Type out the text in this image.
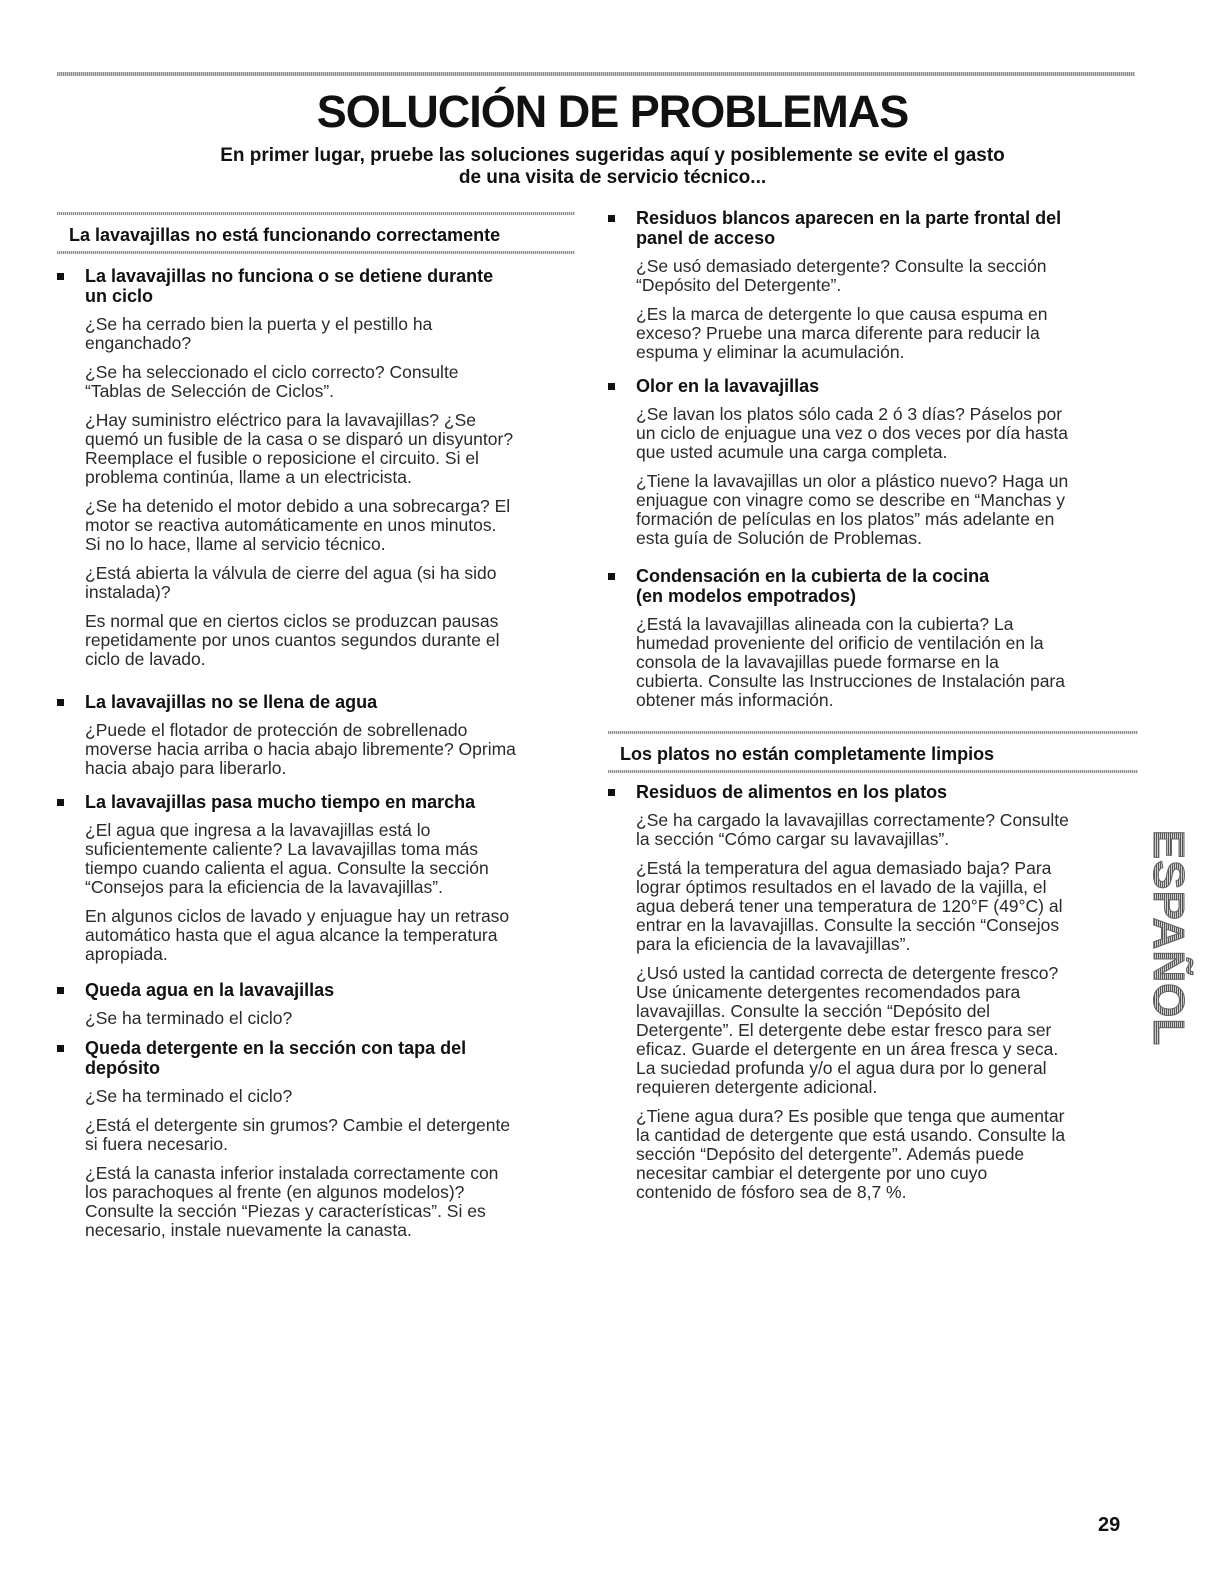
SOLUCIÓN DE PROBLEMAS
En primer lugar, pruebe las soluciones sugeridas aquí y posiblemente se evite el gasto
de una visita de servicio técnico...
La lavavajillas no está funcionando correctamente
La lavavajillas no funciona o se detiene durante
un ciclo
¿Se ha cerrado bien la puerta y el pestillo ha
enganchado?
¿Se ha seleccionado el ciclo correcto? Consulte
“Tablas de Selección de Ciclos”.
¿Hay suministro eléctrico para la lavavajillas? ¿Se
quemó un fusible de la casa o se disparó un disyuntor?
Reemplace el fusible o reposicione el circuito. Si el
problema continúa, llame a un electricista.
¿Se ha detenido el motor debido a una sobrecarga? El
motor se reactiva automáticamente en unos minutos.
Si no lo hace, llame al servicio técnico.
¿Está abierta la válvula de cierre del agua (si ha sido
instalada)?
Es normal que en ciertos ciclos se produzcan pausas
repetidamente por unos cuantos segundos durante el
ciclo de lavado.
La lavavajillas no se llena de agua
¿Puede el flotador de protección de sobrellenado
moverse hacia arriba o hacia abajo libremente? Oprima
hacia abajo para liberarlo.
La lavavajillas pasa mucho tiempo en marcha
¿El agua que ingresa a la lavavajillas está lo
suficientemente caliente? La lavavajillas toma más
tiempo cuando calienta el agua. Consulte la sección
“Consejos para la eficiencia de la lavavajillas”.
En algunos ciclos de lavado y enjuague hay un retraso
automático hasta que el agua alcance la temperatura
apropiada.
Queda agua en la lavavajillas
¿Se ha terminado el ciclo?
Queda detergente en la sección con tapa del
depósito
¿Se ha terminado el ciclo?
¿Está el detergente sin grumos? Cambie el detergente
si fuera necesario.
¿Está la canasta inferior instalada correctamente con
los parachoques al frente (en algunos modelos)?
Consulte la sección “Piezas y características”. Si es
necesario, instale nuevamente la canasta.
Residuos blancos aparecen en la parte frontal del
panel de acceso
¿Se usó demasiado detergente? Consulte la sección
“Depósito del Detergente”.
¿Es la marca de detergente lo que causa espuma en
exceso? Pruebe una marca diferente para reducir la
espuma y eliminar la acumulación.
Olor en la lavavajillas
¿Se lavan los platos sólo cada 2 ó 3 días? Páselos por
un ciclo de enjuague una vez o dos veces por día hasta
que usted acumule una carga completa.
¿Tiene la lavavajillas un olor a plástico nuevo? Haga un
enjuague con vinagre como se describe en “Manchas y
formación de películas en los platos” más adelante en
esta guía de Solución de Problemas.
Condensación en la cubierta de la cocina
(en modelos empotrados)
¿Está la lavavajillas alineada con la cubierta? La
humedad proveniente del orificio de ventilación en la
consola de la lavavajillas puede formarse en la
cubierta. Consulte las Instrucciones de Instalación para
obtener más información.
Los platos no están completamente limpios
Residuos de alimentos en los platos
¿Se ha cargado la lavavajillas correctamente? Consulte
la sección “Cómo cargar su lavavajillas”.
¿Está la temperatura del agua demasiado baja? Para
lograr óptimos resultados en el lavado de la vajilla, el
agua deberá tener una temperatura de 120°F (49°C) al
entrar en la lavavajillas. Consulte la sección “Consejos
para la eficiencia de la lavavajillas”.
¿Usó usted la cantidad correcta de detergente fresco?
Use únicamente detergentes recomendados para
lavavajillas. Consulte la sección “Depósito del
Detergente”. El detergente debe estar fresco para ser
eficaz. Guarde el detergente en un área fresca y seca.
La suciedad profunda y/o el agua dura por lo general
requieren detergente adicional.
¿Tiene agua dura? Es posible que tenga que aumentar
la cantidad de detergente que está usando. Consulte la
sección “Depósito del detergente”. Además puede
necesitar cambiar el detergente por uno cuyo
contenido de fósforo sea de 8,7 %.
ESPAÑOL
29
